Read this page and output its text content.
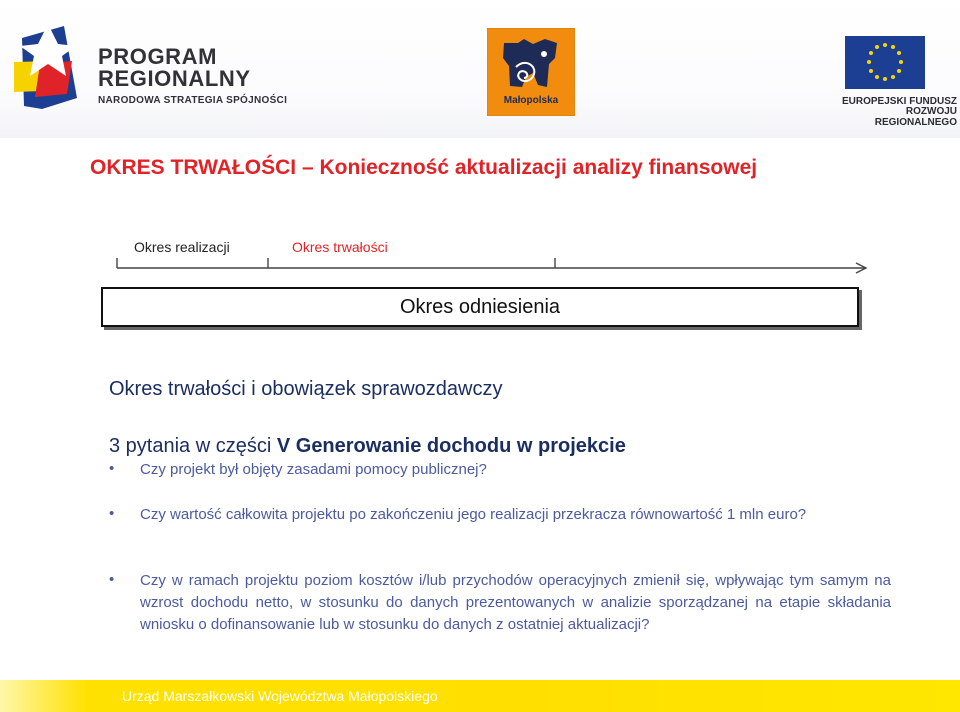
PROGRAM
REGIONALNY
NARODOWA STRATEGIA SPÓJNOŚCI	Małopolska	EUROPEJSKI FUNDUSZ
ROZWOJU REGIONALNEGO
OKRES TRWAŁOŚCI – Konieczność aktualizacji analizy finansowej
Okres realizacji	Okres trwałości
Okres odniesienia
Okres trwałości i obowiązek sprawozdawczy
3 pytania w części V Generowanie dochodu w projekcie
• Czy projekt był objęty zasadami pomocy publicznej?
• Czy wartość całkowita projektu po zakończeniu jego realizacji przekracza równowartość 1 mln euro?
• Czy w ramach projektu poziom kosztów i/lub przychodów operacyjnych zmienił się, wpływając tym samym na wzrost dochodu netto, w stosunku do danych prezentowanych w analizie sporządzanej na etapie składania wniosku o dofinansowanie lub w stosunku do danych z ostatniej aktualizacji?
Urząd Marszałkowski Województwa Małopolskiego
